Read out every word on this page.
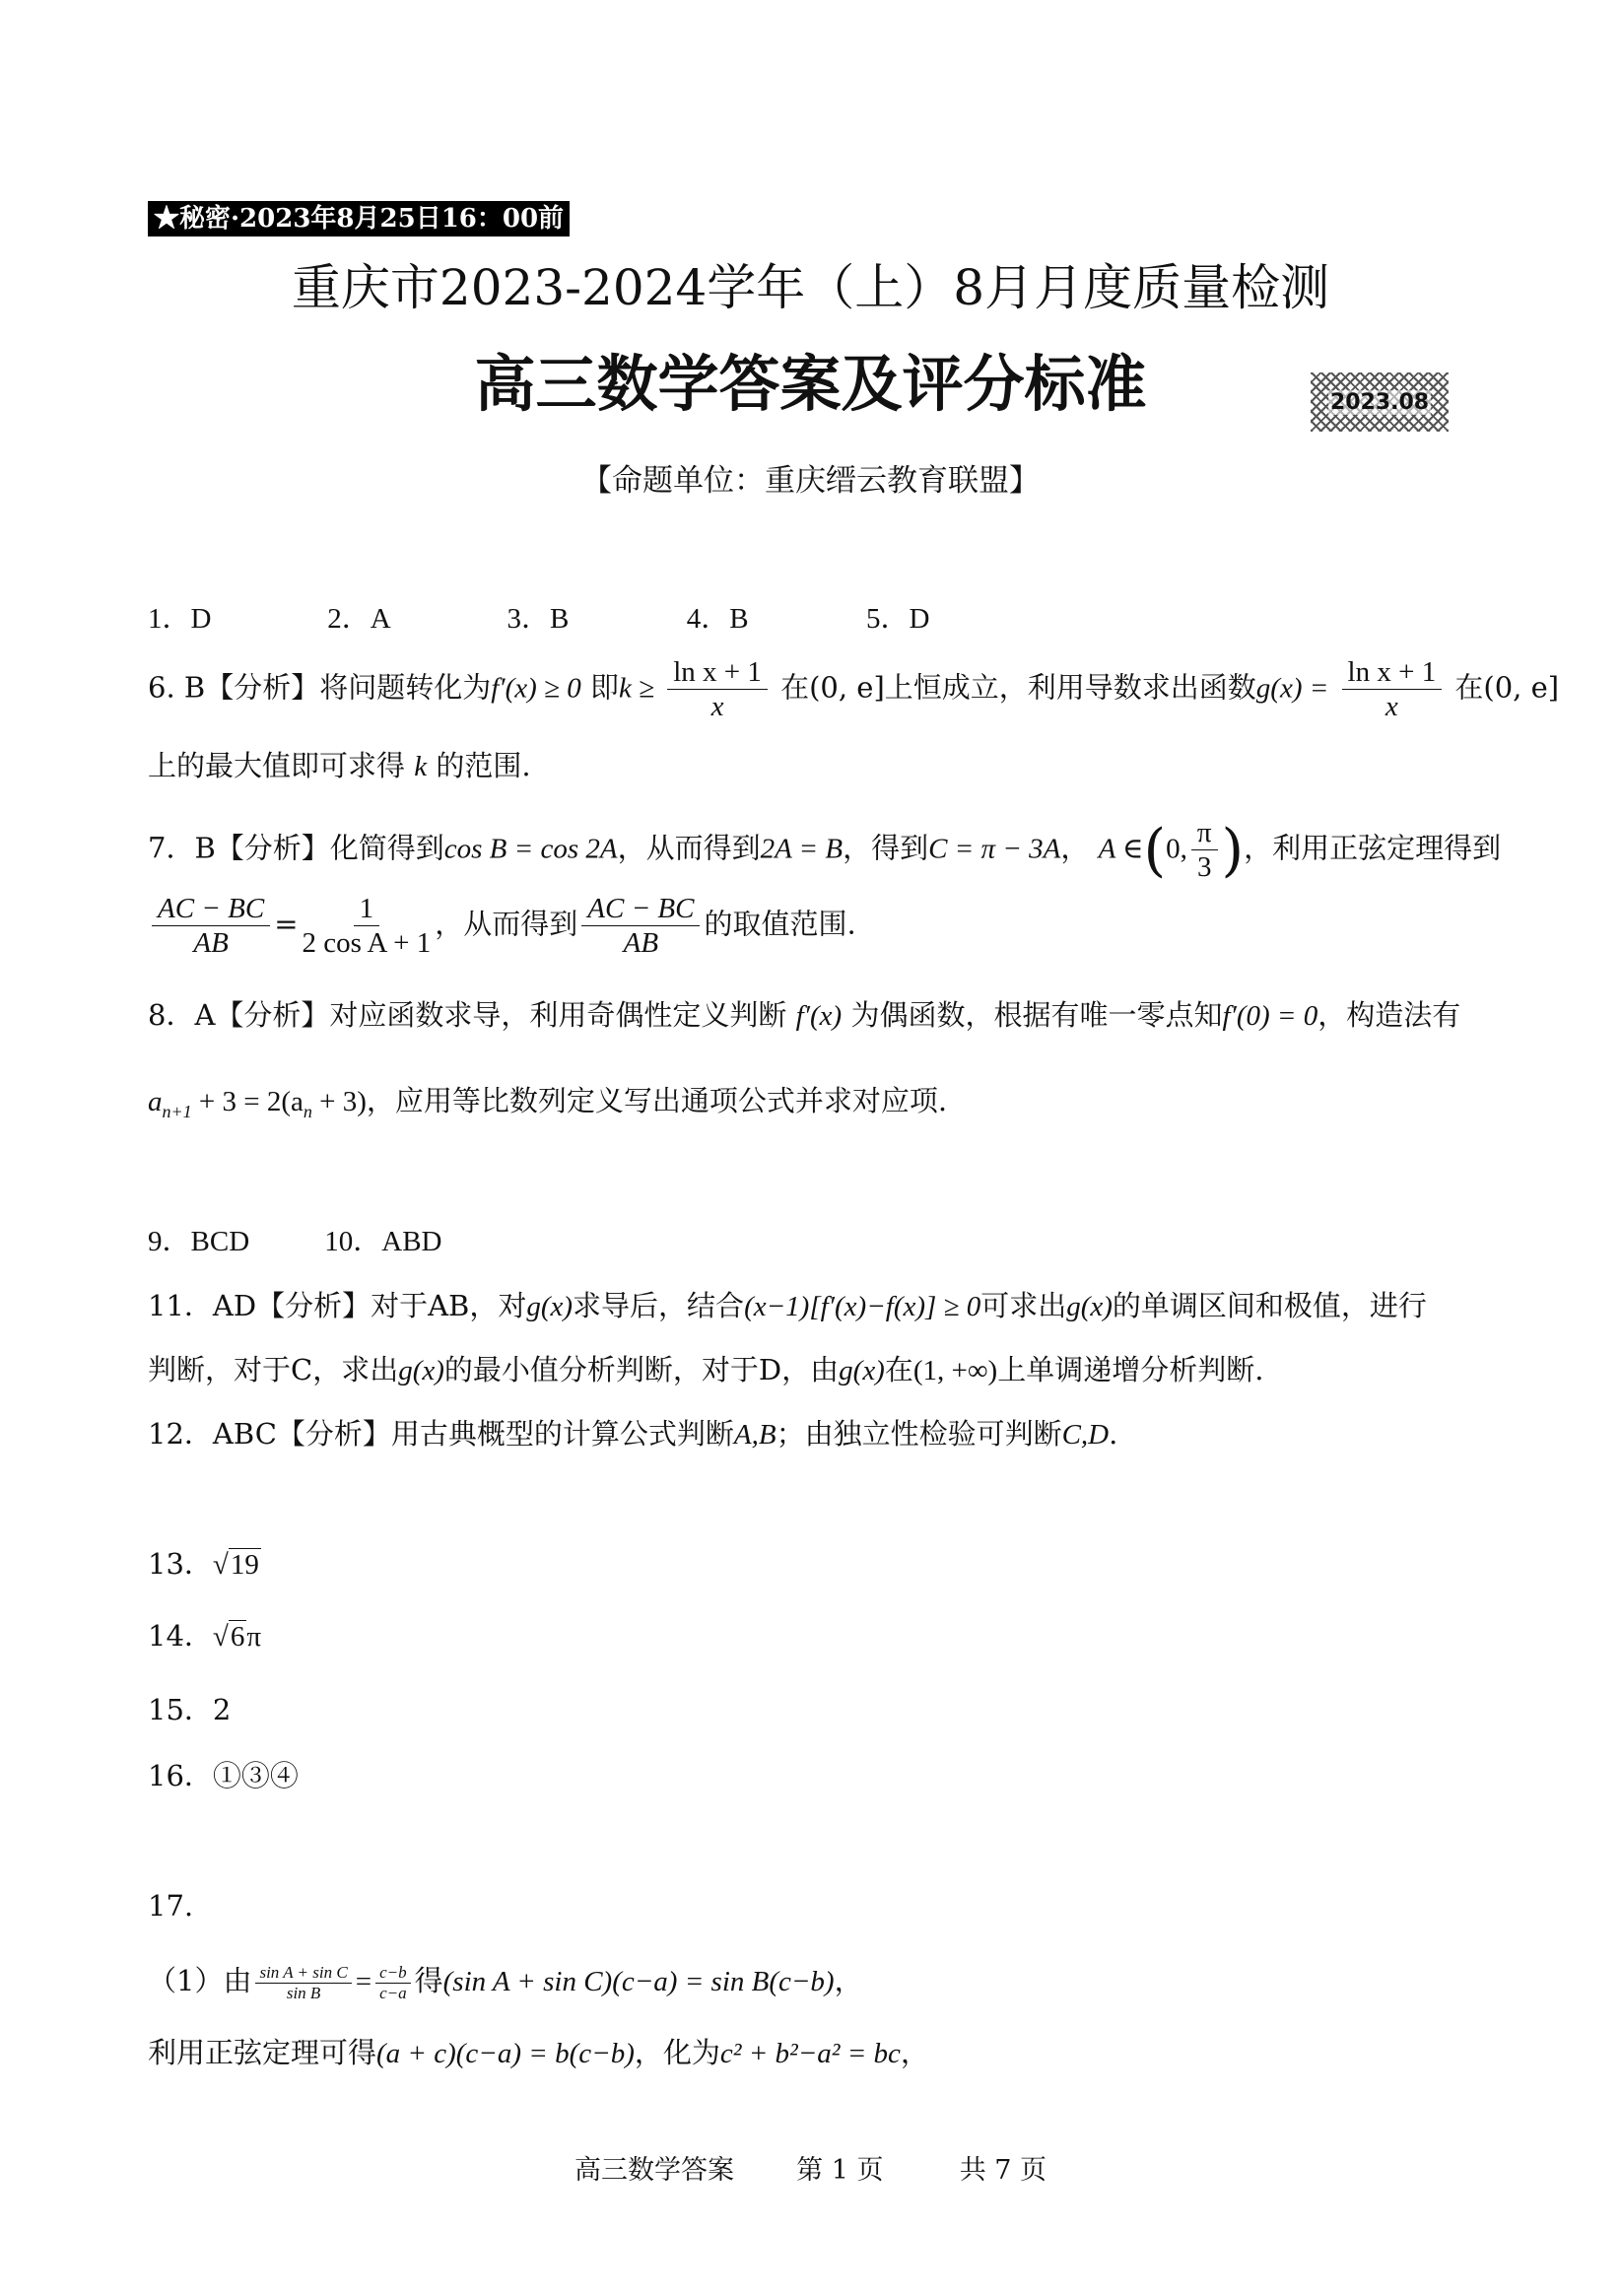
★秘密·2023年8月25日16：00前
重庆市2023-2024学年（上）8月月度质量检测
高三数学答案及评分标准	2023.08
【命题单位：重庆缙云教育联盟】
1．D	2．A	3．B	4．B	5．D
6. B【分析】将问题转化为f′(x) ≥ 0 即$k \ge \frac{\text{ln x + 1}}{x}$ 在(0, e]上恒成立，利用导数求出函数$g(x) = \frac{\text{ln x + 1}}{x}$ 在(0, e]
上的最大值即可求得 k 的范围.
7．B【分析】化简得到cos B = cos 2A，从而得到2A = B，得到C = π − 3A， A ∈(0, $\frac{\pi}{3}$ )，利用正弦定理得到
$\frac{AC - BC}{AB} = \frac{1}{\text{2 cos A + 1}}$ ，从而得到 $\frac{AC - BC}{AB}$ 的取值范围.
8．A【分析】对应函数求导，利用奇偶性定义判断 f′(x) 为偶函数，根据有唯一零点知f′(0) = 0，构造法有
$a_{n+1} + 3 = 2(a_n + 3)$，应用等比数列定义写出通项公式并求对应项.
9．BCD	10．ABD
11．AD【分析】对于AB，对g(x)求导后，结合(x−1)[f′(x)−f(x)] ≥ 0可求出g(x)的单调区间和极值，进行
判断，对于C，求出g(x)的最小值分析判断，对于D，由g(x)在(1, +∞)上单调递增分析判断.
12．ABC【分析】用古典概型的计算公式判断A,B；由独立性检验可判断C,D.
13．√19
14．√6π
15．2
16．①③④
17.
（1）由 $\frac{\text{sin A + sin C}}{\text{sin B}} = \frac{c-b}{c-a}$ 得(sin A + sin C)(c−a) = sin B(c−b)，
利用正弦定理可得(a + c)(c−a) = b(c−b)，化为c² + b²−a² = bc，
高三数学答案 第 1 页	共 7 页
